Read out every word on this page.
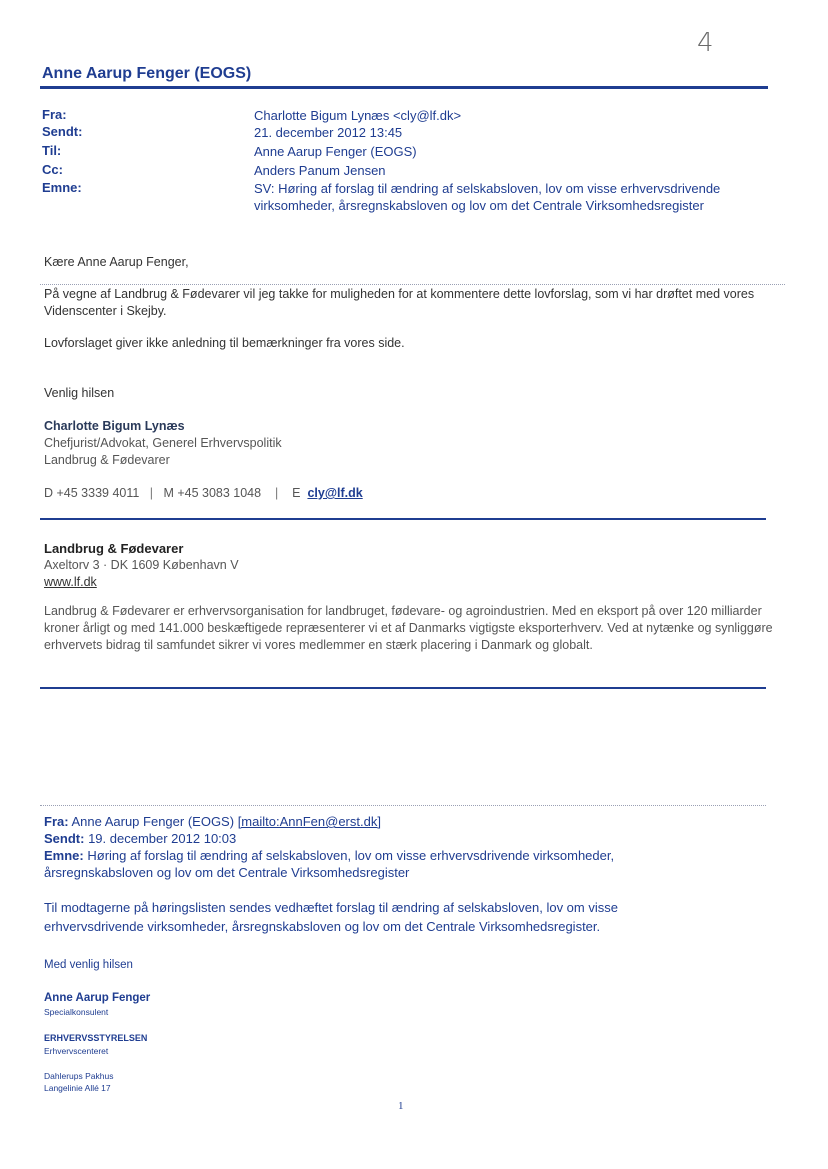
4
Anne Aarup Fenger (EOGS)
Fra:	Charlotte Bigum Lynæs <cly@lf.dk>
Sendt:	21. december 2012 13:45
Til:	Anne Aarup Fenger (EOGS)
Cc:	Anders Panum Jensen
Emne:	SV: Høring af forslag til ændring af selskabsloven, lov om visse erhvervsdrivende virksomheder, årsregnskabsloven og lov om det Centrale Virksomhedsregister
Kære Anne Aarup Fenger,
På vegne af Landbrug & Fødevarer vil jeg takke for muligheden for at kommentere dette lovforslag, som vi har drøftet med vores Videnscenter i Skejby.
Lovforslaget giver ikke anledning til bemærkninger fra vores side.
Venlig hilsen
Charlotte Bigum Lynæs
Chefjurist/Advokat, Generel Erhvervspolitik
Landbrug & Fødevarer
D +45 3339 4011 | M +45 3083 1048 | E cly@lf.dk
Landbrug & Fødevarer
Axeltorv 3 · DK 1609 København V
www.lf.dk
Landbrug & Fødevarer er erhvervsorganisation for landbruget, fødevare- og agroindustrien. Med en eksport på over 120 milliarder kroner årligt og med 141.000 beskæftigede repræsenterer vi et af Danmarks vigtigste eksporterhverv. Ved at nytænke og synliggøre erhvervets bidrag til samfundet sikrer vi vores medlemmer en stærk placering i Danmark og globalt.
Fra: Anne Aarup Fenger (EOGS) [mailto:AnnFen@erst.dk]
Sendt: 19. december 2012 10:03
Emne: Høring af forslag til ændring af selskabsloven, lov om visse erhvervsdrivende virksomheder, årsregnskabsloven og lov om det Centrale Virksomhedsregister
Til modtagerne på høringslisten sendes vedhæftet forslag til ændring af selskabsloven, lov om visse erhvervsdrivende virksomheder, årsregnskabsloven og lov om det Centrale Virksomhedsregister.
Med venlig hilsen
Anne Aarup Fenger
Specialkonsulent
ERHVERVSSTYRELSEN
Erhvervscenteret
Dahlerups Pakhus
Langelinie Allé 17
1
